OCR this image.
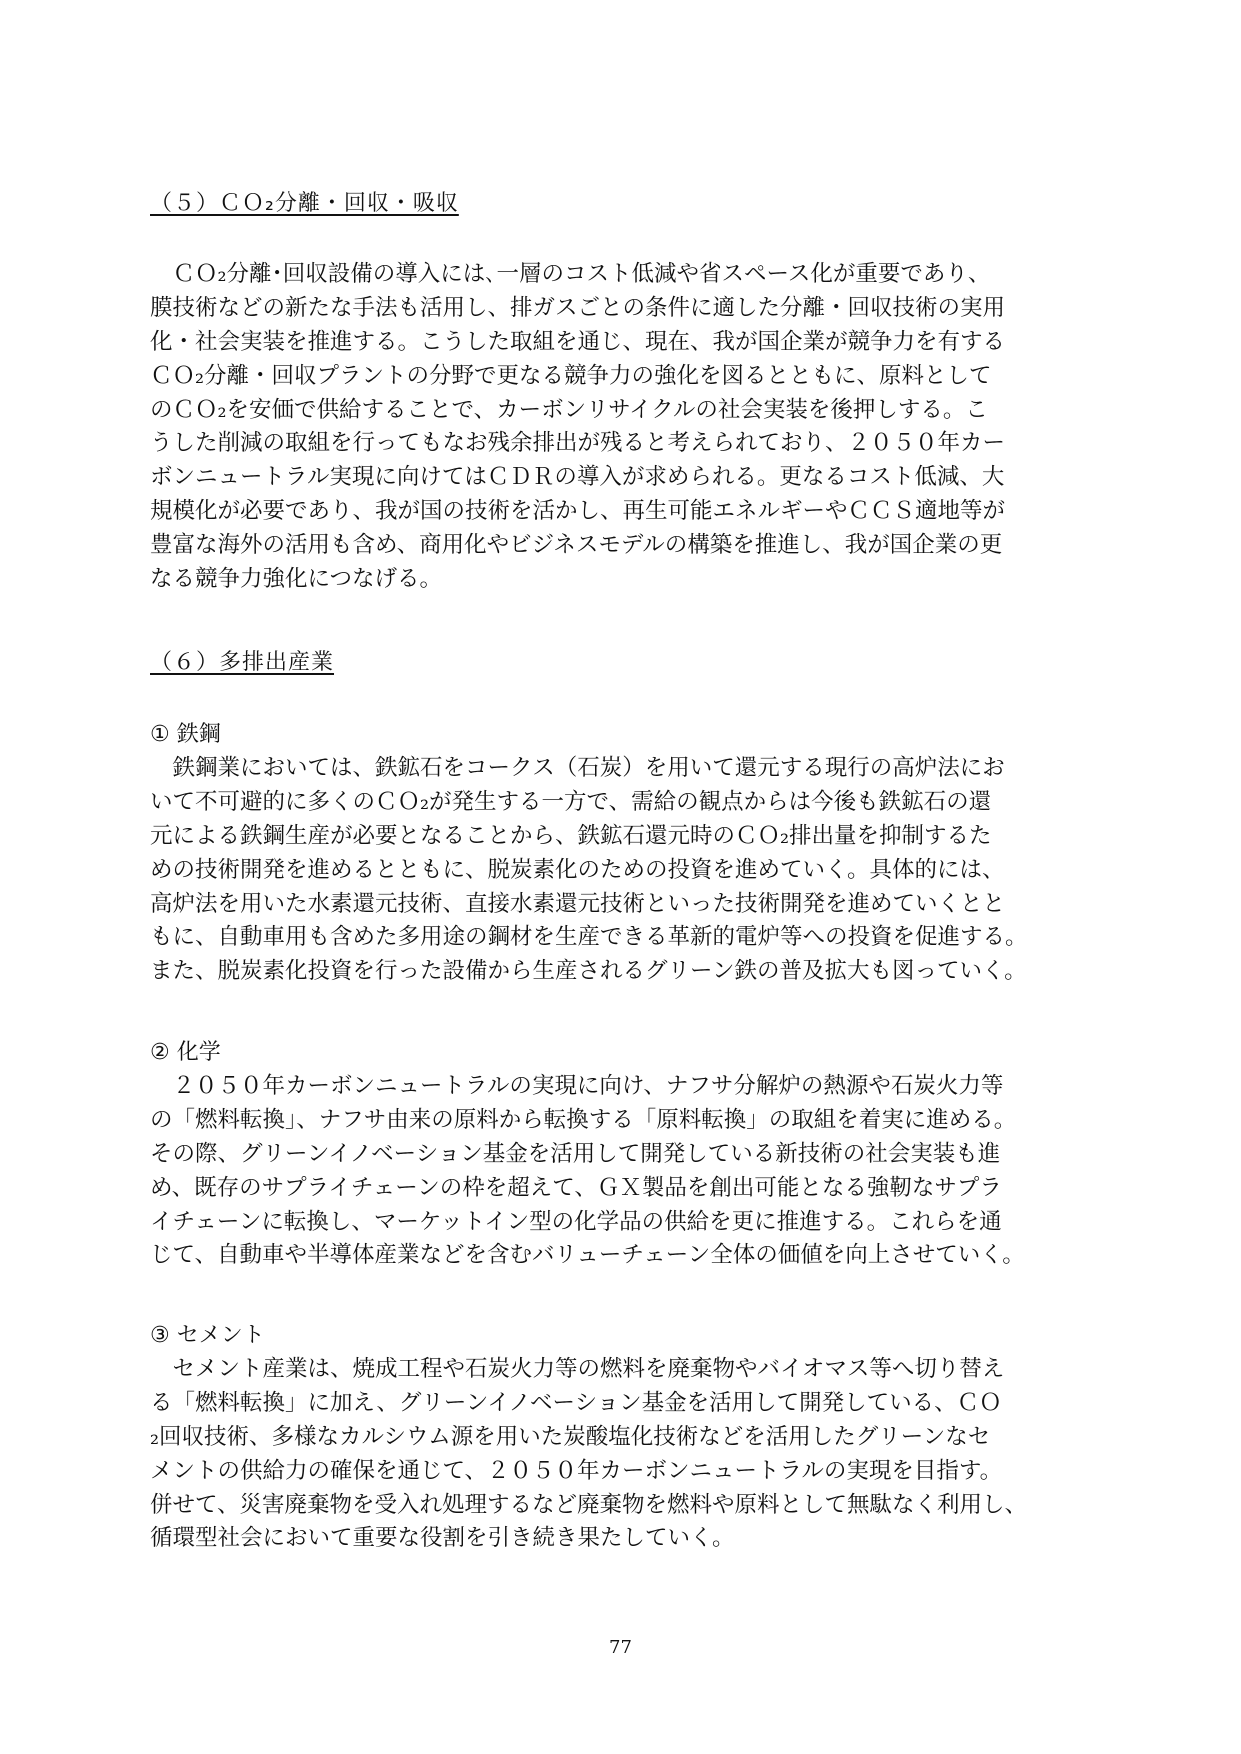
（５）ＣＯ₂分離・回収・吸収
　ＣＯ₂分離･回収設備の導入には､一層のコスト低減や省スペース化が重要であり、
膜技術などの新たな手法も活用し、排ガスごとの条件に適した分離・回収技術の実用
化・社会実装を推進する。こうした取組を通じ、現在、我が国企業が競争力を有する
ＣＯ₂分離・回収プラントの分野で更なる競争力の強化を図るとともに、原料として
のＣＯ₂を安価で供給することで、カーボンリサイクルの社会実装を後押しする。こ
うした削減の取組を行ってもなお残余排出が残ると考えられており、２０５０年カー
ボンニュートラル実現に向けてはＣＤＲの導入が求められる。更なるコスト低減、大
規模化が必要であり、我が国の技術を活かし、再生可能エネルギーやＣＣＳ適地等が
豊富な海外の活用も含め、商用化やビジネスモデルの構築を推進し、我が国企業の更
なる競争力強化につなげる。
（６）多排出産業
① 鉄鋼
　鉄鋼業においては、鉄鉱石をコークス（石炭）を用いて還元する現行の高炉法にお
いて不可避的に多くのＣＯ₂が発生する一方で、需給の観点からは今後も鉄鉱石の還
元による鉄鋼生産が必要となることから、鉄鉱石還元時のＣＯ₂排出量を抑制するた
めの技術開発を進めるとともに、脱炭素化のための投資を進めていく。具体的には、
高炉法を用いた水素還元技術、直接水素還元技術といった技術開発を進めていくとと
もに、自動車用も含めた多用途の鋼材を生産できる革新的電炉等への投資を促進する。
また、脱炭素化投資を行った設備から生産されるグリーン鉄の普及拡大も図っていく。
② 化学
　２０５０年カーボンニュートラルの実現に向け、ナフサ分解炉の熱源や石炭火力等
の「燃料転換」、ナフサ由来の原料から転換する「原料転換」の取組を着実に進める。
その際、グリーンイノベーション基金を活用して開発している新技術の社会実装も進
め、既存のサプライチェーンの枠を超えて、ＧＸ製品を創出可能となる強靭なサプラ
イチェーンに転換し、マーケットイン型の化学品の供給を更に推進する。これらを通
じて、自動車や半導体産業などを含むバリューチェーン全体の価値を向上させていく。
③ セメント
　セメント産業は、焼成工程や石炭火力等の燃料を廃棄物やバイオマス等へ切り替え
る「燃料転換」に加え、グリーンイノベーション基金を活用して開発している、ＣＯ
₂回収技術、多様なカルシウム源を用いた炭酸塩化技術などを活用したグリーンなセ
メントの供給力の確保を通じて、２０５０年カーボンニュートラルの実現を目指す。
併せて、災害廃棄物を受入れ処理するなど廃棄物を燃料や原料として無駄なく利用し、
循環型社会において重要な役割を引き続き果たしていく。
77
